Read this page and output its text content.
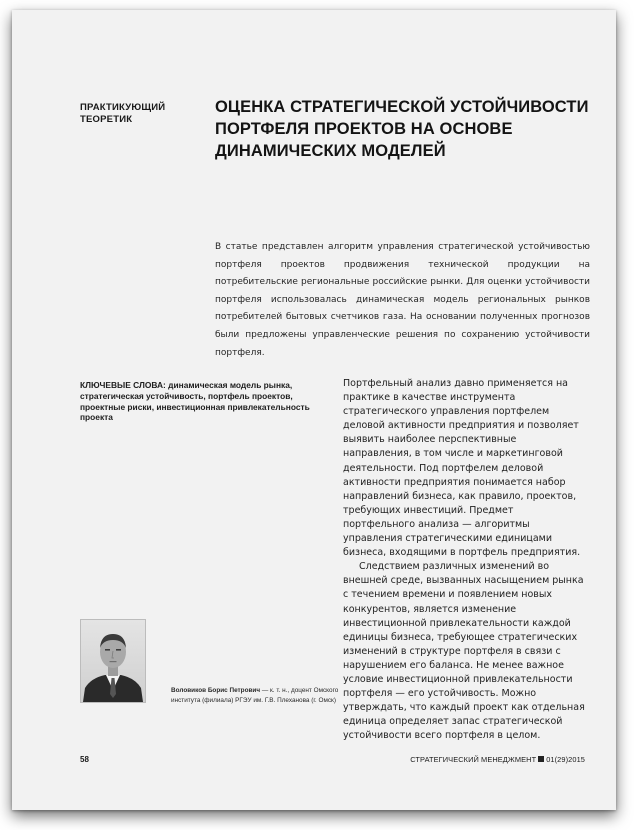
ПРАКТИКУЮЩИЙ
ТЕОРЕТИК
ОЦЕНКА СТРАТЕГИЧЕСКОЙ УСТОЙЧИВОСТИ
ПОРТФЕЛЯ ПРОЕКТОВ НА ОСНОВЕ
ДИНАМИЧЕСКИХ МОДЕЛЕЙ
В статье представлен алгоритм управления стратегической устойчивостью портфеля проектов продвижения технической продукции на потребительские региональные российские рынки. Для оценки устойчивости портфеля использовалась динамическая модель региональных рынков потребителей бытовых счетчиков газа. На основании полученных прогнозов были предложены управленческие решения по сохранению устойчивости портфеля.
КЛЮЧЕВЫЕ СЛОВА: динамическая модель рынка, стратегическая устойчивость, портфель проектов, проектные риски, инвестиционная привлекательность проекта
Воловиков Борис Петрович — к. т. н., доцент Омского института (филиала) РГЭУ им. Г.В. Плеханова (г. Омск)

Портфельный анализ давно применяется на практике в качестве инструмента стратегического управления портфелем деловой активности предприятия и позволяет выявить наиболее перспективные направления, в том числе и маркетинговой деятельности. Под портфелем деловой активности предприятия понимается набор направлений бизнеса, как правило, проектов, требующих инвестиций. Предмет портфельного анализа — алгоритмы управления стратегическими единицами бизнеса, входящими в портфель предприятия.

Следствием различных изменений во внешней среде, вызванных насыщением рынка с течением времени и появлением новых конкурентов, является изменение инвестиционной привлекательности каждой единицы бизнеса, требующее стратегических изменений в структуре портфеля в связи с нарушением его баланса. Не менее важное условие инвестиционной привлекательности портфеля — его устойчивость. Можно утверждать, что каждый проект как отдельная единица определяет запас стратегической устойчивости всего портфеля в целом.

58	СТРАТЕГИЧЕСКИЙ МЕНЕДЖМЕНТ 01(29)2015
